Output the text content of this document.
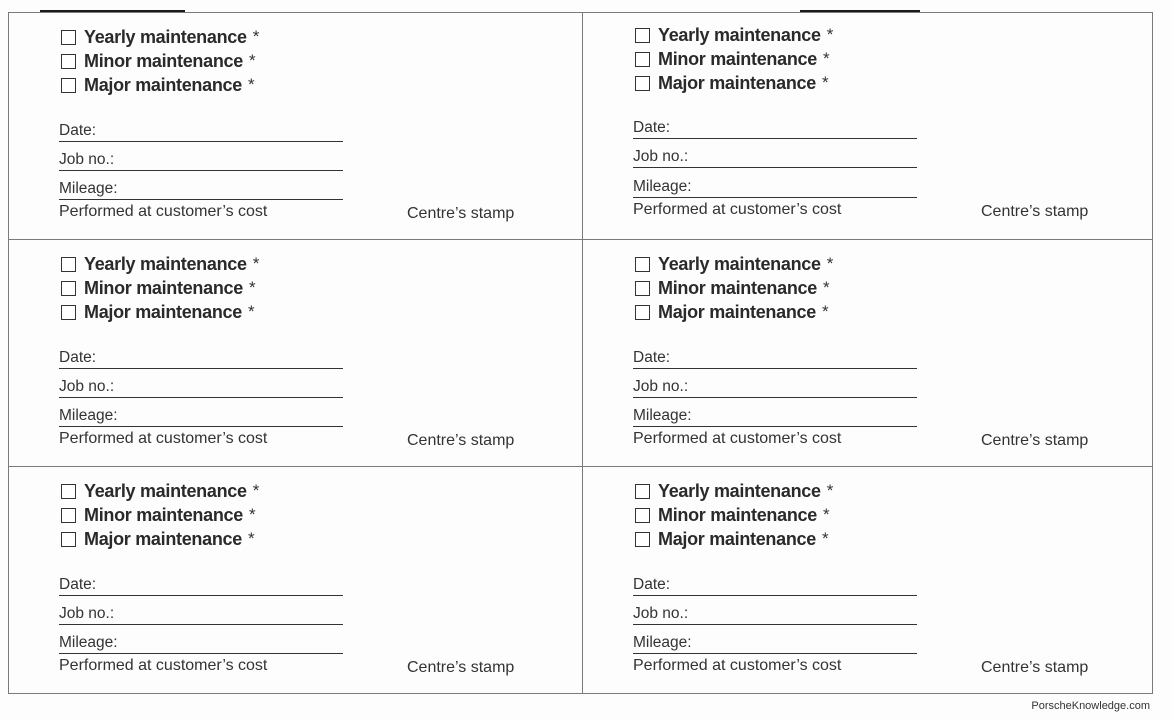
Yearly maintenance *
Minor maintenance *
Major maintenance *
Date:
Job no.:
Mileage:
Performed at customer’s cost	Centre’s stamp
Yearly maintenance *
Minor maintenance *
Major maintenance *
Date:
Job no.:
Mileage:
Performed at customer’s cost	Centre’s stamp
Yearly maintenance *
Minor maintenance *
Major maintenance *
Date:
Job no.:
Mileage:
Performed at customer’s cost	Centre’s stamp
Yearly maintenance *
Minor maintenance *
Major maintenance *
Date:
Job no.:
Mileage:
Performed at customer’s cost	Centre’s stamp
Yearly maintenance *
Minor maintenance *
Major maintenance *
Date:
Job no.:
Mileage:
Performed at customer’s cost	Centre’s stamp
Yearly maintenance *
Minor maintenance *
Major maintenance *
Date:
Job no.:
Mileage:
Performed at customer’s cost	Centre’s stamp
PorscheKnowledge.com
